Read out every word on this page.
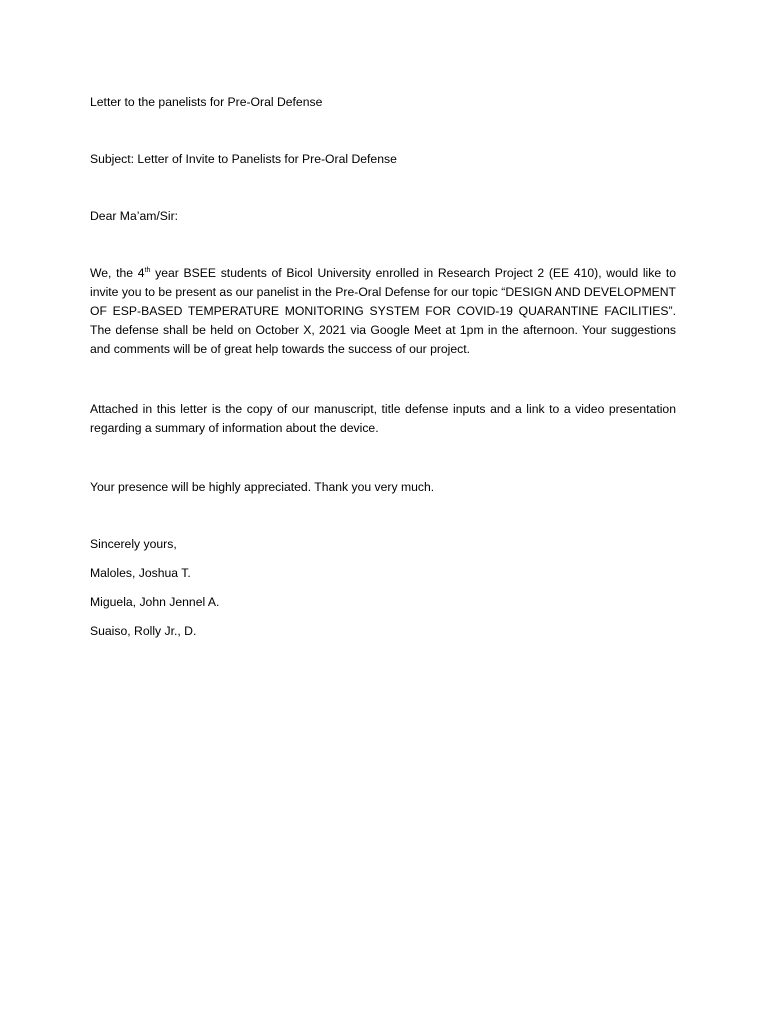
Letter to the panelists for Pre-Oral Defense

Subject: Letter of Invite to Panelists for Pre-Oral Defense

Dear Ma’am/Sir:

We, the 4th year BSEE students of Bicol University enrolled in Research Project 2 (EE 410), would like to invite you to be present as our panelist in the Pre-Oral Defense for our topic “DESIGN AND DEVELOPMENT OF ESP-BASED TEMPERATURE MONITORING SYSTEM FOR COVID-19 QUARANTINE FACILITIES”. The defense shall be held on October X, 2021 via Google Meet at 1pm in the afternoon. Your suggestions and comments will be of great help towards the success of our project.

Attached in this letter is the copy of our manuscript, title defense inputs and a link to a video presentation regarding a summary of information about the device.

Your presence will be highly appreciated. Thank you very much.

Sincerely yours,

Maloles, Joshua T.

Miguela, John Jennel A.

Suaiso, Rolly Jr., D.
